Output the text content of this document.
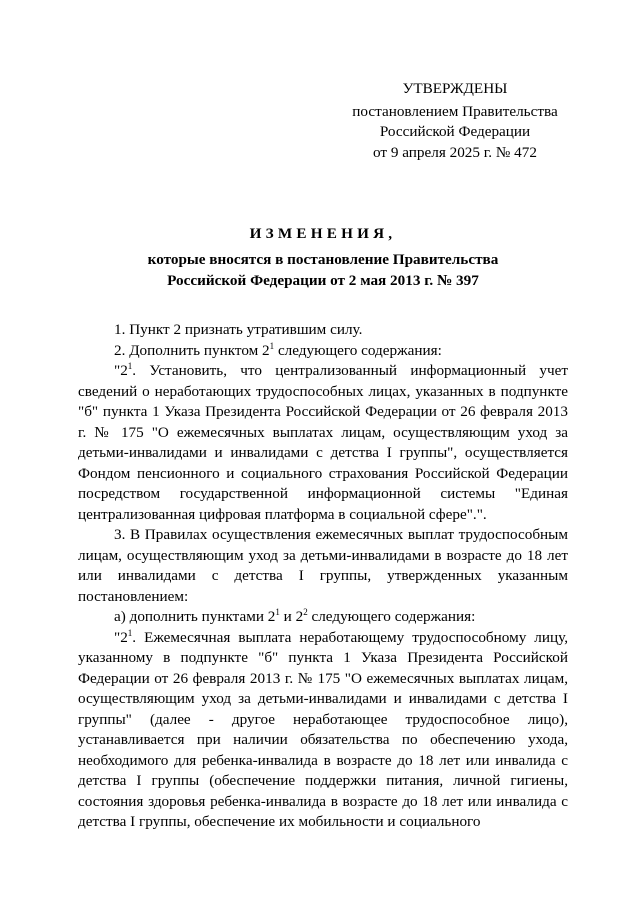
УТВЕРЖДЕНЫ
постановлением Правительства
Российской Федерации
от 9 апреля 2025 г. № 472
ИЗМЕНЕНИЯ,
которые вносятся в постановление Правительства
Российской Федерации от 2 мая 2013 г. № 397

1. Пункт 2 признать утратившим силу.

2. Дополнить пунктом $2^1$ следующего содержания:

"$2^1$. Установить, что централизованный информационный учет сведений о неработающих трудоспособных лицах, указанных в подпункте "б" пункта 1 Указа Президента Российской Федерации от 26 февраля 2013 г. № 175 "О ежемесячных выплатах лицам, осуществляющим уход за детьми-инвалидами и инвалидами с детства I группы", осуществляется Фондом пенсионного и социального страхования Российской Федерации посредством государственной информационной системы "Единая централизованная цифровая платформа в социальной сфере".".

3. В Правилах осуществления ежемесячных выплат трудоспособным лицам, осуществляющим уход за детьми-инвалидами в возрасте до 18 лет или инвалидами с детства I группы, утвержденных указанным постановлением:

а) дополнить пунктами $2^1$ и $2^2$ следующего содержания:

"$2^1$. Ежемесячная выплата неработающему трудоспособному лицу, указанному в подпункте "б" пункта 1 Указа Президента Российской Федерации от 26 февраля 2013 г. № 175 "О ежемесячных выплатах лицам, осуществляющим уход за детьми-инвалидами и инвалидами с детства I группы" (далее - другое неработающее трудоспособное лицо), устанавливается при наличии обязательства по обеспечению ухода, необходимого для ребенка-инвалида в возрасте до 18 лет или инвалида с детства I группы (обеспечение поддержки питания, личной гигиены, состояния здоровья ребенка-инвалида в возрасте до 18 лет или инвалида с детства I группы, обеспечение их мобильности и социального
